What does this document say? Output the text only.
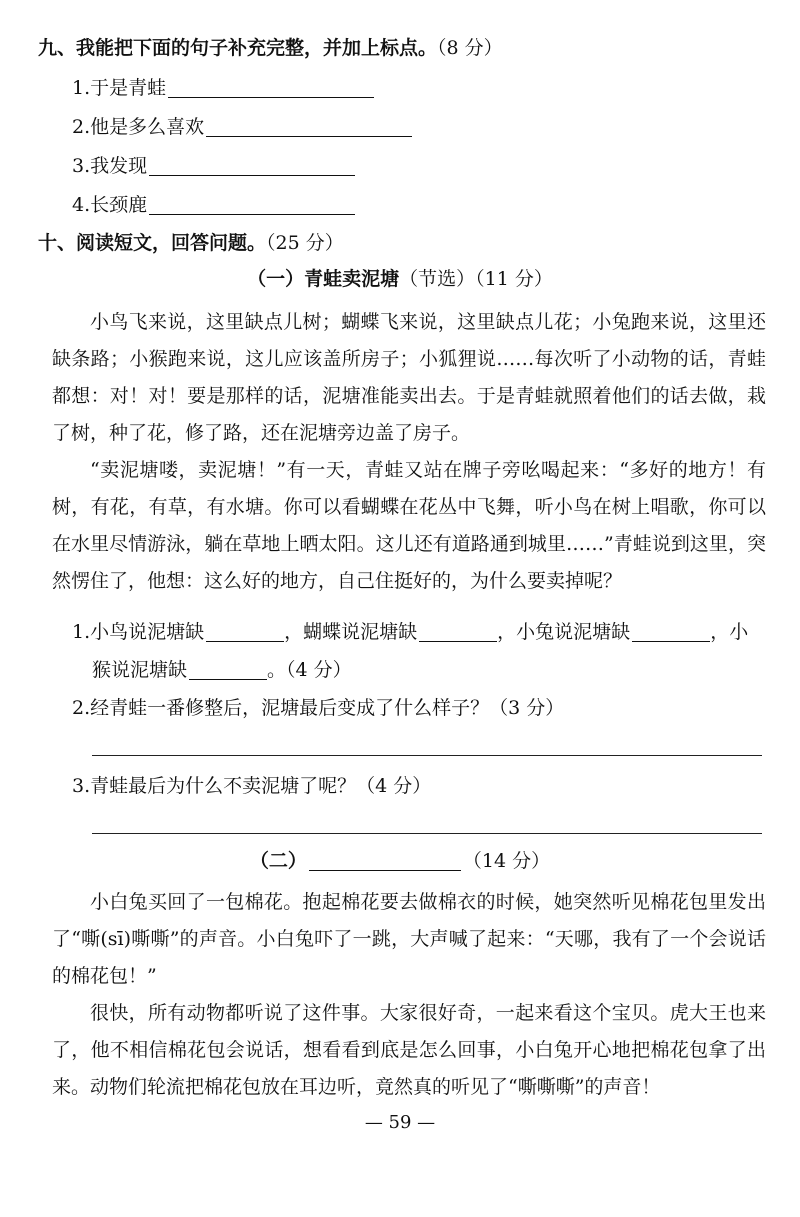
九、我能把下面的句子补充完整，并加上标点。（8 分）
1.于是青蛙
2.他是多么喜欢
3.我发现
4.长颈鹿
十、阅读短文，回答问题。（25 分）
（一）青蛙卖泥塘（节选）（11 分）

小鸟飞来说，这里缺点儿树；蝴蝶飞来说，这里缺点儿花；小兔跑来说，这里还缺条路；小猴跑来说，这儿应该盖所房子；小狐狸说……每次听了小动物的话，青蛙都想：对！对！要是那样的话，泥塘准能卖出去。于是青蛙就照着他们的话去做，栽了树，种了花，修了路，还在泥塘旁边盖了房子。

“卖泥塘喽，卖泥塘！”有一天，青蛙又站在牌子旁吆喝起来：“多好的地方！有树，有花，有草，有水塘。你可以看蝴蝶在花丛中飞舞，听小鸟在树上唱歌，你可以在水里尽情游泳，躺在草地上晒太阳。这儿还有道路通到城里……”青蛙说到这里，突然愣住了，他想：这么好的地方，自己住挺好的，为什么要卖掉呢？

1.小鸟说泥塘缺	，蝴蝶说泥塘缺	，小兔说泥塘缺	，小
猴说泥塘缺	。（4 分）
2.经青蛙一番修整后，泥塘最后变成了什么样子？（3 分）
3.青蛙最后为什么不卖泥塘了呢？（4 分）
（二）	（14 分）

小白兔买回了一包棉花。抱起棉花要去做棉衣的时候，她突然听见棉花包里发出了“嘶(sī)嘶嘶”的声音。小白兔吓了一跳，大声喊了起来：“天哪，我有了一个会说话的棉花包！”

很快，所有动物都听说了这件事。大家很好奇，一起来看这个宝贝。虎大王也来了，他不相信棉花包会说话，想看看到底是怎么回事，小白兔开心地把棉花包拿了出来。动物们轮流把棉花包放在耳边听，竟然真的听见了“嘶嘶嘶”的声音！

— 59 —
